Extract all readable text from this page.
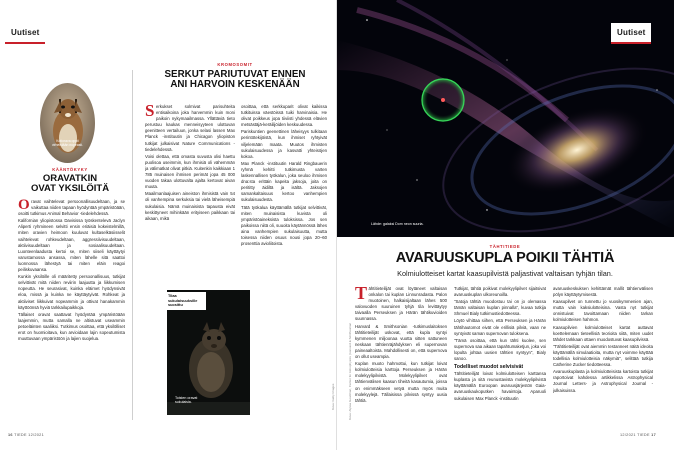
Uutiset
Kotiorava oppii
virheistään nopeasti.
KÄÄNTÖKYKY
ORAVATKIN
OVAT YKSILÖITÄ

Oravat vaihtelevat persoonallisuudeltaan, ja se vaikuttaa niiden tapaan hyödyntää ympäristöään, osoitti tutkimus Animal Behavior -tiedelehdessä.

Kalifornian yliopistossa Davisissa työskentelevä Jaclyn Aliperti ryhmineen selvitti ensin eriäisiä kokeistelmillä, miten oravien heimoon kuuluvat kultaselkäsiisselit vaihtelevat rohkeudeltaan, aggressiivisuudeltaan, aktiivisuudeltaan ja sosiaalisuudeltaan. Luonteenlaadusta kertoi se, miten siiseli käyttäytyi varustamossa ansassa, miten lähelle sitä saattoi luonnossa lähestyä tai miten eläin reagoi peiliskuvaansa.

Kunkin yksilöille oli määritetty persoonallisuus, tutkijat selvittivät mitä niiden reviirin laajuutta ja liikkumisen nopeutta. He seurasivat, kuinka eläimet hyödynsivät eloa, missä ja kuinka ne käyttäytyivät. Rohkeat ja aktiiviset liikkuivat nopeammin ja ottivat hanakammin käyttöönsä hyviä tarkkailupaikkoja.

Tällaiset oravat saattavat hyödyntää ympäristöään laajemmin, mutta samalla ne altistuvat useammin petoeläinten saaliiksi. Tutkimus osoittaa, että yksilölliset erot on huomioitava, kun arvioidaan lajin sopeutumista muuttuvaan ympäristöön ja lajien suojelua.

KROMOSOMIT
SERKUT PARIUTUVAT ENNEN
ANI HARVOIN KESKENÄÄN

Serkukset solmivat parisuhteita entisaikoina joka harvemmin kuin moni paikoin nykymaailmassa. Yllättäviä tieto perustuu kaukas menneisyyteen ulottuvan geenitteen vertailuun, jonka selasi lassen Max Planck -instituutin ja Chicagon yliopiston tutkijat julkaisivat Nature Communications -tiedelehdessä.

Voisi olettaa, että omasta suvusta olisi haettu puolisoa useimmin, kun ihmisiä oli vähemmän ja välimatkat olivat pitkiä. Kuitenkin kaikkiaan 1 785 muinaisen ihmisen perimät jopa 45 000 vuoden takaa ulottuvalta ajalta kertovat aivan muuta.

Maailmanlaajuisen aineiston ihmisistä vain 54 oli vanhempina serkuksia tai vielä läheisempiä sukulaisia. Nämä muinaisista tapausta eivät keskittyneet mihinkään erityiseen paikkaan tai aikaan, mikä

osoittaa, että serkkuparit olivat kaikissa tutkituissa väestöissä tuiki harvinaisia. He olivat poikkeus jopa tiiviisti yhdessä elävien metsästäjä-keräilijöiden keskuudessa.

Pariskuntien geenettinen läheisyys tulkitaan perintötekijöistä, kun ihmiset ryhtyivät viljelemään maata. Muutos ihmisten sukulaisuudessa ja kasvatti yhteisöjen kokoa.

Max Planck -instituutin Harald Ringbauerin ryhmä kehitti tutkimusta varten laskennallisen työkalun, joka seuloo ihmisen dna:sta erittäin kapeita jaksoja, joita on perititty äidiltä ja isältä. Jaksojen samankaltaisuus kertoo vanhempien sukulaisuudesta.

Tätä työkalua käyttämällä tutkijat selvittivät, miten muinaisista kuvista oli ympäristöaineksista tuloksissa. Jos sen paikoissa niitä oli, suuoita käytännössä lähes aina vanhempien sukulaisuutta, mutta toisessa niiden osuus nousi jopa 20–60 prosenttia avioliitoista.

Tilaa sukulaisuuksille suosittu
Toisten oravat sukulaisia.
16 TIEDE 12/2021
Lähde: galaksi Dom neon suuria.
Uutiset
TÄHTITIEDE
AVARUUSKUPLA POIKII TÄHTIÄ
Kolmiulotteiset kartat kaasupilvistä paljastivat valtaisan tyhjän tilan.

Tähtitieteilijät ovat löytäneet valtaisan onkalon tai kuplan Linnunradasta. Palon muotoinen, halkaisijaltaan lähes 500 valovuoden suuruinen tyhjä tila levittäytyy taivaalla Perseuksen ja Härän tähtikuvioiden suunnassa.

Harvard & Smithsonian -tutkimuslaitoksen tähtitieteilijät uskovat, että kupla syntyi kymmenen miljoonaa vuotta sitten sattuneen neskaan tähtienräjähdyksen eli supernovan paineaaltoista. Mahdollisesti on, että supernova on ollut useampia.

Kuplan muoto hahmottui, kun tutkijat loivat kolmiulotteisia karttoja Perseuksen ja Härän molekyylipilvistä. Molekyylipilvet ovat tähtienvälisen kaasun tiheitä kasautumia, joissa on enimmäkseen vetyä mutta myös muita molekyylejä. Tällaisissa pilvissä syntyy uusia tähtiä.

Tutkijat, tähtiä poikivat molekyylipilvet sijaitsivat avaruuskuplan ulkoreunoilla.

"Satoja tähtiä muodostuu tai on jo olemassa tämän valtaisan kuplan pinnalla", kuvaa tutkija Shmuel Bialy tutkimustiedotteessa.

Löytö vihittaa siihen, että Perseuksen ja Härän tähtihautomot eivät ole erillisiä pilviä, vaan ne syntyivät saman supernovan tuloksena.

"Tämä osoittaa, että kun tähti kuolee, sen supernova saa aikaan tapahtumaketjun, joka voi lopulta johtaa uusien tähtien syntyyn", Bialy sanoo.

Todelliset muodot selvisivät

Tähtitieteilijät loivat kolmiulotteisen karttansa kuplasta ja sitä reunustavista molekyylipilvistä käyttämällä Euroopan avaruusjärjestön Gaia-avaruuskaukoputken havaintoja. Aparuoli sukulaisen Max Planck -instituutin

avaruuskeskuksen kehittämät mallit tähtienvälisen pölyn käyttäytymisestä.

Kaasupilvet on tunnettu jo vuosikymmenien ajan, mutta vain kaksiulotteisina. Vasta nyt tutkijat onnistuivat tavoittamaan niiden tarkan kolmiulotteisen hahmon.

Kaasupilvien kolmiulotteiset kartat auttavat koettelemaan tieteellisiä teorioita siitä, miten uudet tähdet tarkkaan ottaen muodostuvat kaasupilvissä.

"Tähtitieteilijät ovat aiemmin testanneet näitä ideoita käyttämällä simulaatioita, mutta nyt voimme käyttää todellisia kolmiulotteisia näkymiä", selittää tutkija Catherine Zucker tiedotteessa.

Avaruuskuplasta ja kolmiulotteisista kartoista tutkijat raportoivat kahdessa artikkelissa Astrophysical Journal Letters- ja Astrophysical Journal -julkaisuissa.

Kuva: Alyssa Goodman, Center for Astrophysics | Harvard & Smithsonian
Kuva: Getty Images
12/2021 TIEDE 17
